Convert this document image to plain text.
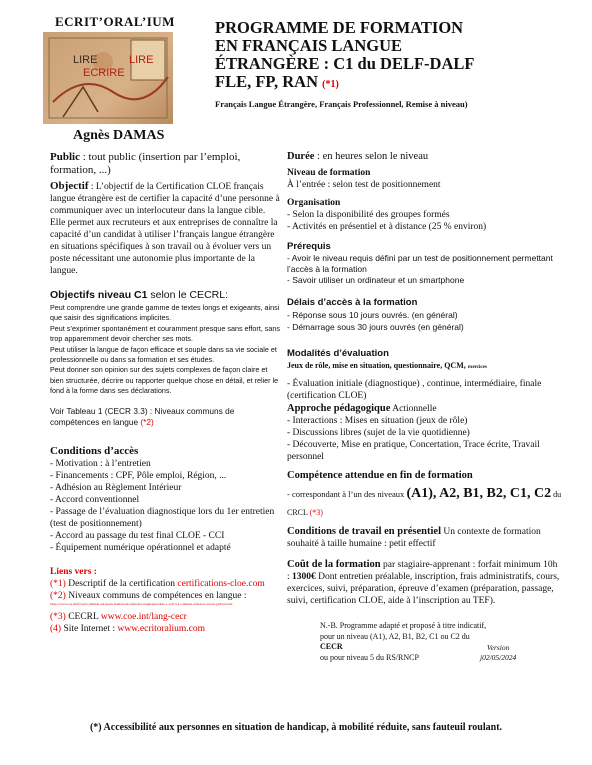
ECRIT’ORAL’IUM
LIRE	LIRE
ECRIRE
Agnès DAMAS
PROGRAMME DE FORMATION
EN FRANÇAIS LANGUE
ÉTRANGÈRE : C1 du DELF-DALF
FLE, FP, RAN (*1)
Français Langue Étrangère, Français Professionnel, Remise à niveau)

Public : tout public (insertion par l’emploi, formation, ...)

Objectif : L’objectif de la Certification CLOE français langue étrangère est de certifier la capacité d’une personne à communiquer avec un interlocuteur dans la langue cible. Elle permet aux recruteurs et aux entreprises de connaître la capacité d’un candidat à utiliser l’français langue étrangère en situations spécifiques à son travail ou à évoluer vers un poste nécessitant une autonomie plus importante de la langue.

Objectifs niveau C1 selon le CECRL:

Peut comprendre une grande gamme de textes longs et exigeants, ainsi que saisir des significations implicites.

Peut s’exprimer spontanément et couramment presque sans effort, sans trop apparemment devoir chercher ses mots.

Peut utiliser la langue de façon efficace et souple dans sa vie sociale et professionnelle ou dans sa formation et ses études.

Peut donner son opinion sur des sujets complexes de façon claire et bien structurée, décrire ou rapporter quelque chose en détail, et relier le fond à la forme dans ses déclarations.

Voir Tableau 1 (CECR 3.3) : Niveaux communs de compétences en langue (*2)

Conditions d’accès

- Motivation : à l’entretien

- Financements : CPF, Pôle emploi, Région, ...

- Adhésion au Règlement Intérieur

- Accord conventionnel

- Passage de l’évaluation diagnostique lors du 1er entretien (test de positionnement)

- Accord au passage du test final CLOE - CCI

- Équipement numérique opérationnel et adapté

Liens vers :

(*1) Descriptif de la certification certifications-cloe.com

(*2) Niveaux communs de compétences en langue :

https://www.coe.int/fr/web/common-european-framework-reference-languages/table-1-cefr-3.3-common-reference-levels-global-scale

(*3) CECRL www.coe.int/lang-cecr

(4) Site Internet : www.ecritoralium.com

Durée : en heures selon le niveau

Niveau de formation

À l’entrée : selon test de positionnement

Organisation

- Selon la disponibilité des groupes formés

- Activités en présentiel et à distance (25 % environ)

Prérequis

- Avoir le niveau requis défini par un test de positionnement permettant l’accès à la formation

- Savoir utiliser un ordinateur et un smartphone

Délais d’accès à la formation

- Réponse sous 10 jours ouvrés. (en général)

- Démarrage sous 30 jours ouvrés (en général)

Modalités d’évaluation

Jeux de rôle, mise en situation, questionnaire, QCM, exercices

- Évaluation initiale (diagnostique) , continue, intermédiaire, finale (certification CLOE)

Approche pédagogique Actionnelle

- Interactions : Mises en situation (jeux de rôle)

- Discussions libres (sujet de la vie quotidienne)

- Découverte, Mise en pratique, Concertation, Trace écrite, Travail personnel

Compétence attendue en fin de formation

- correspondant à l’un des niveaux (A1), A2, B1, B2, C1, C2 du CRCL (*3)

Conditions de travail en présentiel Un contexte de formation souhaité à taille humaine : petit effectif

Coût de la formation par stagiaire-apprenant : forfait minimum 10h : 1300€ Dont entretien préalable, inscription, frais administratifs, cours, exercices, suivi, préparation, épreuve d’examen (préparation, passage, suivi, certification CLOE, aide à l’inscription au TEF).

N.-B. Programme adapté et proposé à titre indicatif,

pour un niveau (A1), A2, B1, B2, C1 ou C2 du

CECR

ou pour niveau 5 du RS/RNCP

Version

j02/05/2024

(*) Accessibilité aux personnes en situation de handicap, à mobilité réduite, sans fauteuil roulant.
